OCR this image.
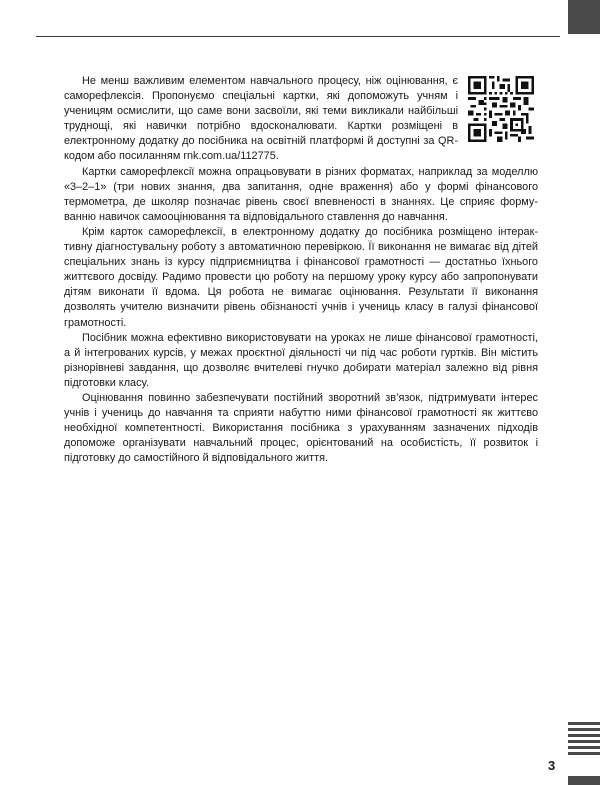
Не менш важливим елементом навчального процесу, ніж оцінювання, є саморефлексія. Пропонуємо спеціальні картки, які допоможуть учням і ученицям осмислити, що саме вони засвоїли, які теми викликали найбільші труднощі, які навички потрібно вдосконалювати. Картки розміщені в електронному додатку до посібника на освітній платформі й доступні за QR-кодом або посиланням rnk.com.ua/112775.

Картки саморефлексії можна опрацьовувати в різних форматах, наприклад за моделлю «3–2–1» (три нових знання, два запитання, одне враження) або у формі фінансового термометра, де школяр позначає рівень своєї впевненості в знаннях. Це сприяє формуванню навичок самооцінювання та відповідального ставлення до навчання.

Крім карток саморефлексії, в електронному додатку до посібника розміщено інтерактивну діагностувальну роботу з автоматичною перевіркою. Її виконання не вимагає від дітей спеціальних знань із курсу підприємництва і фінансової грамотності — достатньо їхнього життєвого досвіду. Радимо провести цю роботу на першому уроку курсу або запропонувати дітям виконати її вдома. Ця робота не вимагає оцінювання. Результати її виконання дозволять учителю визначити рівень обізнаності учнів і учениць класу в галузі фінансової грамотності.

Посібник можна ефективно використовувати на уроках не лише фінансової грамотності, а й інтегрованих курсів, у межах проєктної діяльності чи під час роботи гуртків. Він містить різнорівневі завдання, що дозволяє вчителеві гнучко добирати матеріал залежно від рівня підготовки класу.

Оцінювання повинно забезпечувати постійний зворотний зв’язок, підтримувати інтерес учнів і учениць до навчання та сприяти набуттю ними фінансової грамотності як життєво необхідної компетентності. Використання посібника з урахуванням зазначених підходів допоможе організувати навчальний процес, орієнтований на особистість, її розвиток і підготовку до самостійного й відповідального життя.

3
